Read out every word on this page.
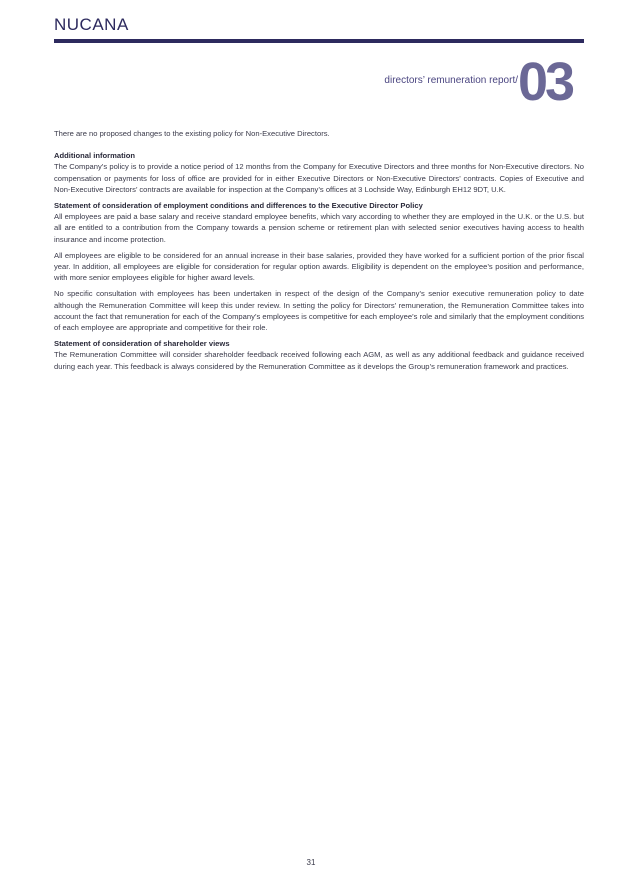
NUCANA
directors’ remuneration report/ 03

There are no proposed changes to the existing policy for Non-Executive Directors.

Additional information

The Company’s policy is to provide a notice period of 12 months from the Company for Executive Directors and three months for Non-Executive directors. No compensation or payments for loss of office are provided for in either Executive Directors or Non-Executive Directors’ contracts. Copies of Executive and Non-Executive Directors’ contracts are available for inspection at the Company’s offices at 3 Lochside Way, Edinburgh EH12 9DT, U.K.

Statement of consideration of employment conditions and differences to the Executive Director Policy

All employees are paid a base salary and receive standard employee benefits, which vary according to whether they are employed in the U.K. or the U.S. but all are entitled to a contribution from the Company towards a pension scheme or retirement plan with selected senior executives having access to health insurance and income protection.

All employees are eligible to be considered for an annual increase in their base salaries, provided they have worked for a sufficient portion of the prior fiscal year. In addition, all employees are eligible for consideration for regular option awards. Eligibility is dependent on the employee’s position and performance, with more senior employees eligible for higher award levels.

No specific consultation with employees has been undertaken in respect of the design of the Company’s senior executive remuneration policy to date although the Remuneration Committee will keep this under review. In setting the policy for Directors’ remuneration, the Remuneration Committee takes into account the fact that remuneration for each of the Company’s employees is competitive for each employee’s role and similarly that the employment conditions of each employee are appropriate and competitive for their role.

Statement of consideration of shareholder views

The Remuneration Committee will consider shareholder feedback received following each AGM, as well as any additional feedback and guidance received during each year. This feedback is always considered by the Remuneration Committee as it develops the Group’s remuneration framework and practices.

31
